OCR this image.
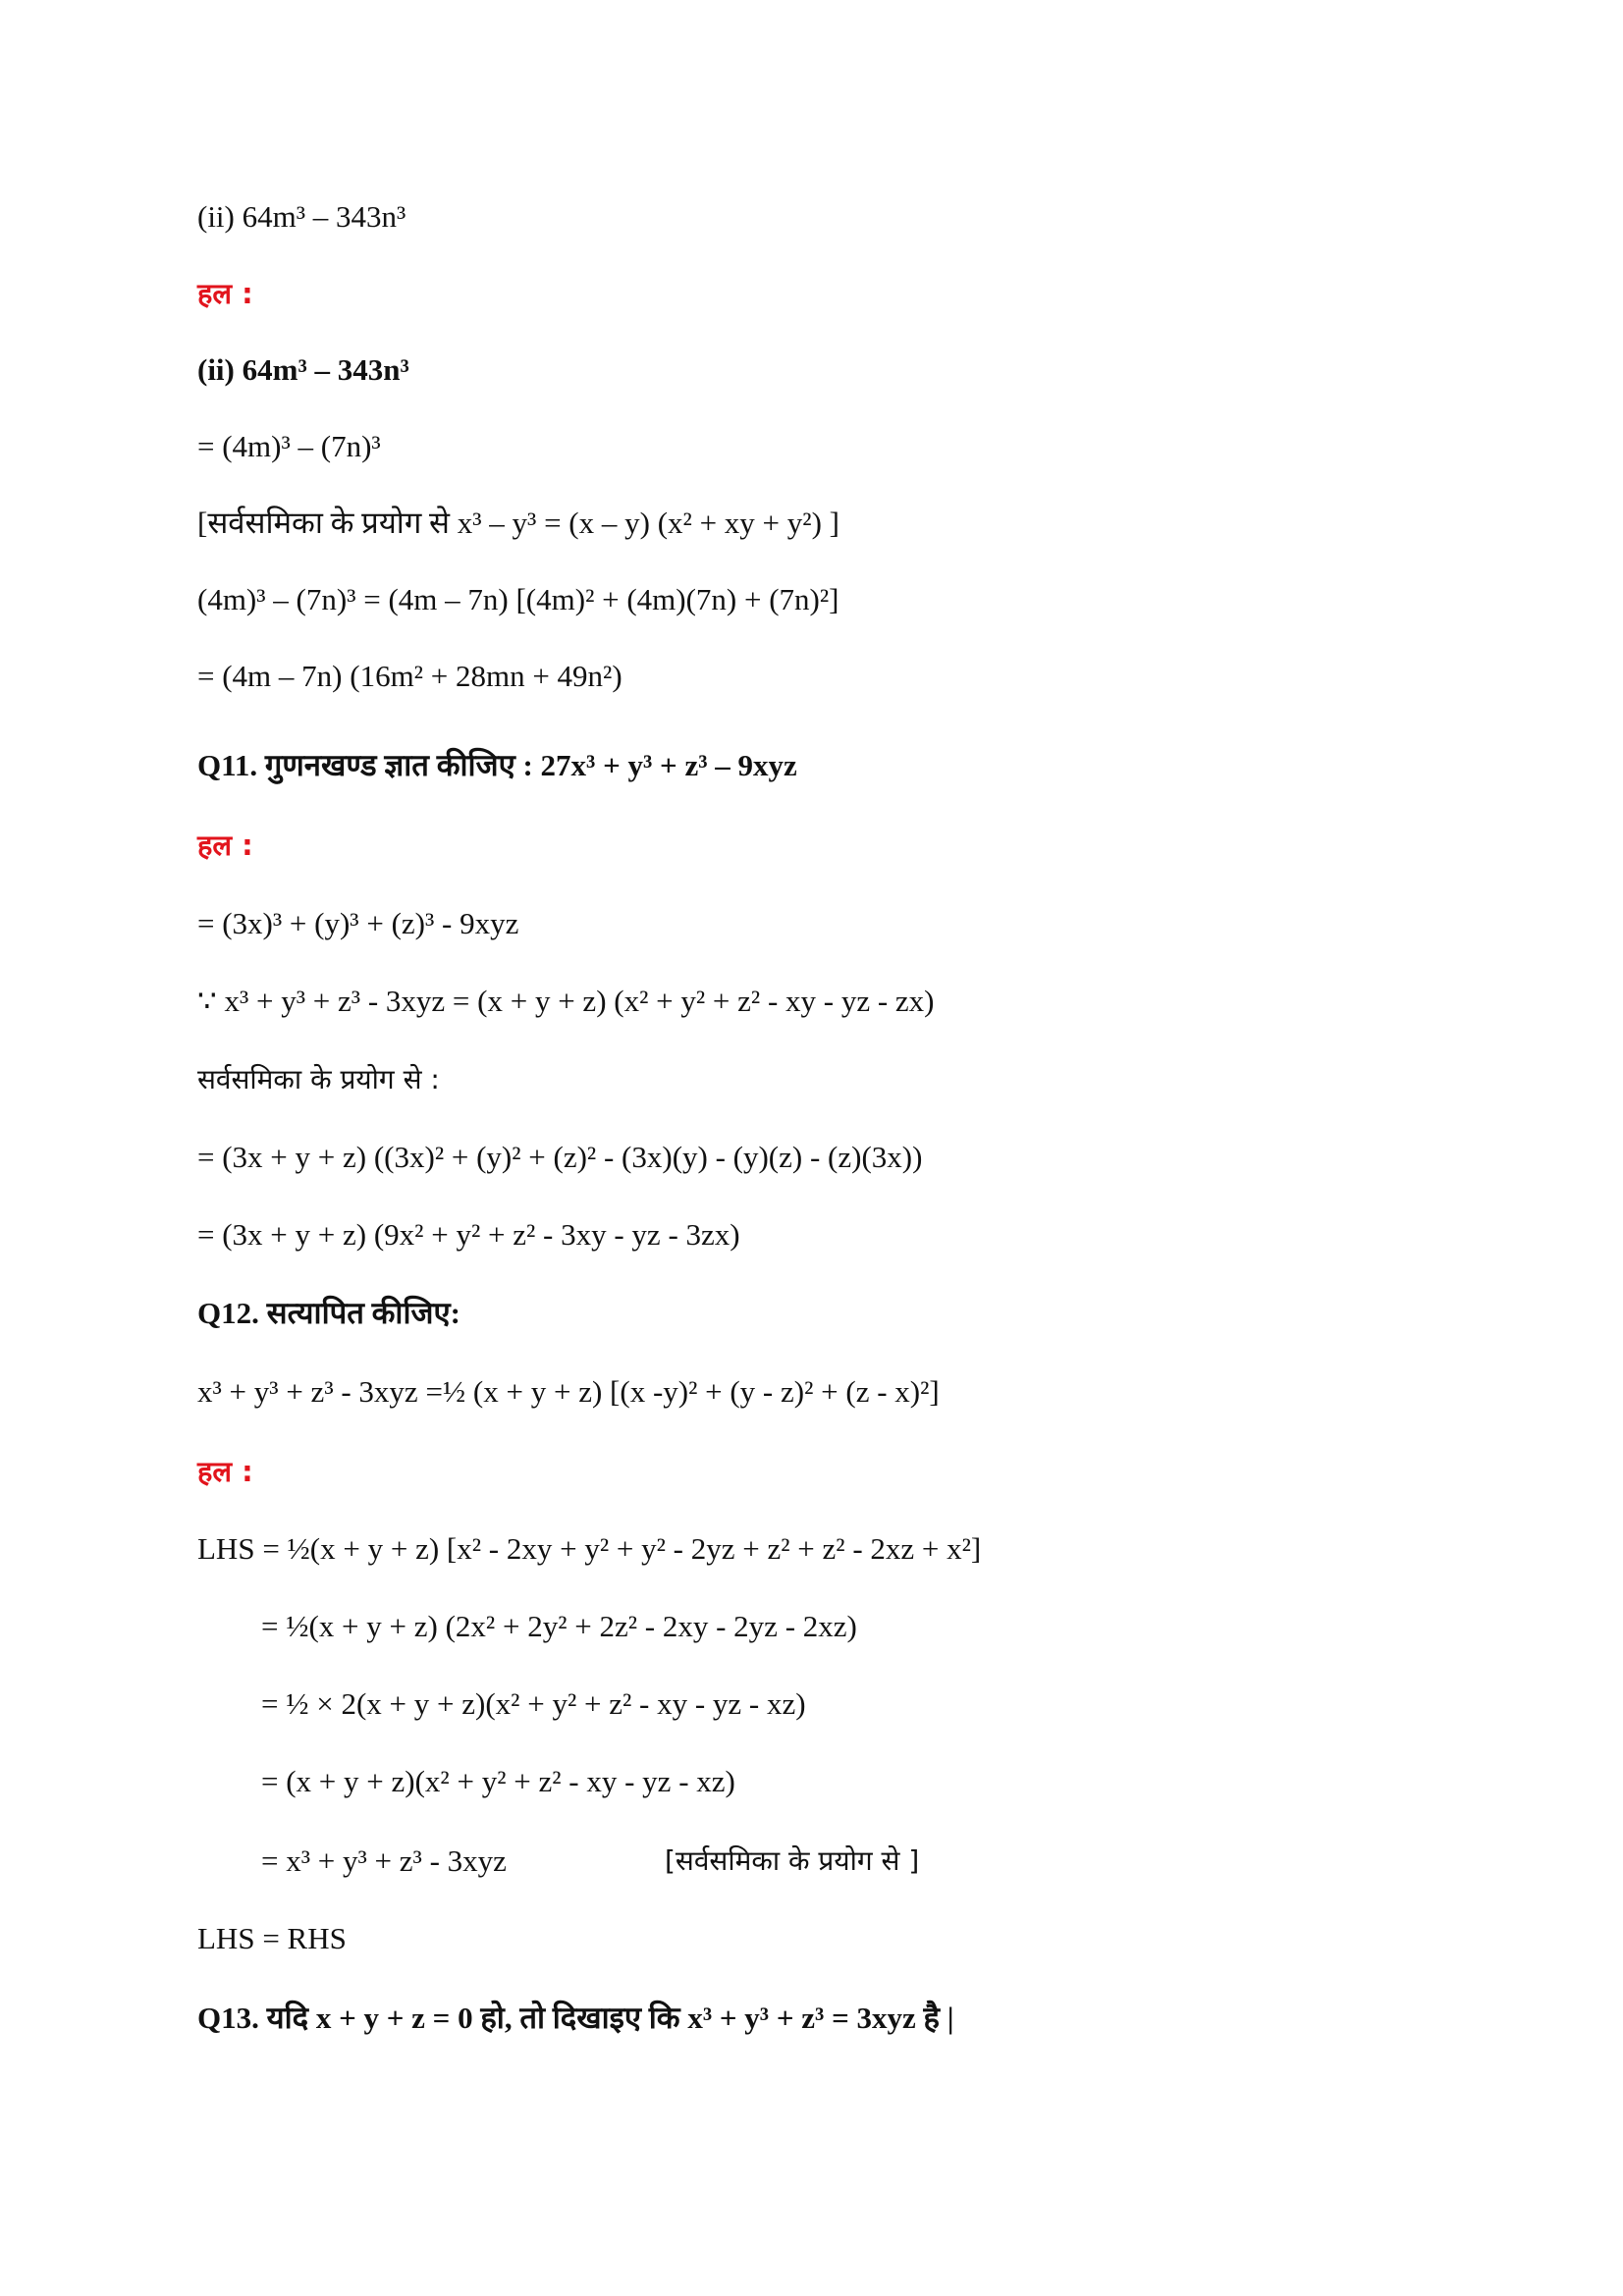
(ii) 64m³ – 343n³
हल :
(ii) 64m³ – 343n³
= (4m)³ – (7n)³
[सर्वसमिका के प्रयोग से x³ – y³ = (x – y) (x² + xy + y²) ]
(4m)³ – (7n)³ = (4m – 7n) [(4m)² + (4m)(7n) + (7n)²]
= (4m – 7n) (16m² + 28mn + 49n²)
Q11. गुणनखण्ड ज्ञात कीजिए : 27x³ + y³ + z³ – 9xyz
हल :
= (3x)³ + (y)³ + (z)³ - 9xyz
∵ x³ + y³ + z³ - 3xyz = (x + y + z) (x² + y² + z² - xy - yz - zx)
सर्वसमिका के प्रयोग से :
= (3x + y + z) ((3x)² + (y)² + (z)² - (3x)(y) - (y)(z) - (z)(3x))
= (3x + y + z) (9x² + y² + z² - 3xy - yz - 3zx)
Q12. सत्यापित कीजिए:
x³ + y³ + z³ - 3xyz =½ (x + y + z) [(x -y)² + (y - z)² + (z - x)²]
हल :
LHS = ½(x + y + z) [x² - 2xy + y² + y² - 2yz + z² + z² - 2xz + x²]
= ½(x + y + z) (2x² + 2y² + 2z² - 2xy - 2yz - 2xz)
= ½ × 2(x + y + z)(x² + y² + z² - xy - yz - xz)
= (x + y + z)(x² + y² + z² - xy - yz - xz)
= x³ + y³ + z³ - 3xyz	[सर्वसमिका के प्रयोग से ]
LHS = RHS
Q13. यदि x + y + z = 0 हो, तो दिखाइए कि x³ + y³ + z³ = 3xyz है |
